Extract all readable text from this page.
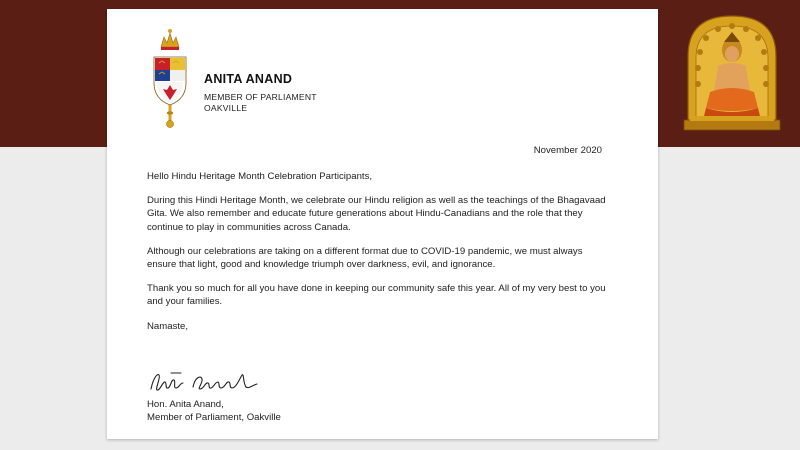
ANITA ANAND
MEMBER OF PARLIAMENT
OAKVILLE
November 2020

Hello Hindu Heritage Month Celebration Participants,

During this Hindi Heritage Month, we celebrate our Hindu religion as well as the teachings of the Bhagavaad Gita. We also remember and educate future generations about Hindu-Canadians and the role that they continue to play in communities across Canada.

Although our celebrations are taking on a different format due to COVID-19 pandemic, we must always ensure that light, good and knowledge triumph over darkness, evil, and ignorance.

Thank you so much for all you have done in keeping our community safe this year. All of my very best to you and your families.

Namaste,

Hon. Anita Anand,
Member of Parliament, Oakville
